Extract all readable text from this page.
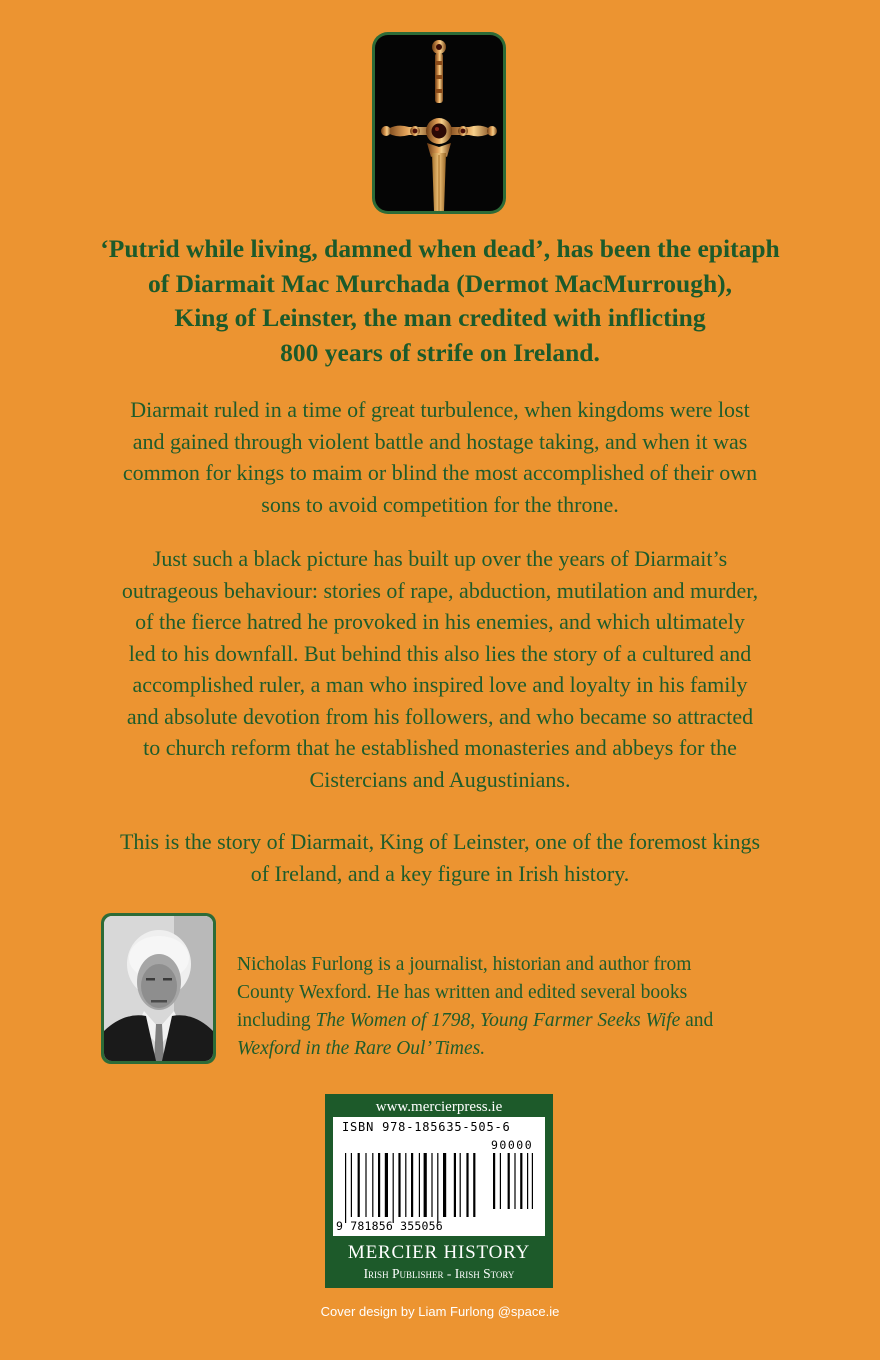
‘Putrid while living, damned when dead’, has been the epitaph
of Diarmait Mac Murchada (Dermot MacMurrough),
King of Leinster, the man credited with inflicting
800 years of strife on Ireland.

Diarmait ruled in a time of great turbulence, when kingdoms were lost
and gained through violent battle and hostage taking, and when it was
common for kings to maim or blind the most accomplished of their own
sons to avoid competition for the throne.

Just such a black picture has built up over the years of Diarmait’s
outrageous behaviour: stories of rape, abduction, mutilation and murder,
of the fierce hatred he provoked in his enemies, and which ultimately
led to his downfall. But behind this also lies the story of a cultured and
accomplished ruler, a man who inspired love and loyalty in his family
and absolute devotion from his followers, and who became so attracted
to church reform that he established monasteries and abbeys for the
Cistercians and Augustinians.

This is the story of Diarmait, King of Leinster, one of the foremost kings
of Ireland, and a key figure in Irish history.

Nicholas Furlong is a journalist, historian and author from
County Wexford. He has written and edited several books
including The Women of 1798, Young Farmer Seeks Wife and
Wexford in the Rare Oul’ Times.

www.mercierpress.ie
ISBN 978-185635-505-6
90000
9 781856 355056
MERCIER HISTORY
Irish Publisher - Irish Story
Cover design by Liam Furlong @space.ie
